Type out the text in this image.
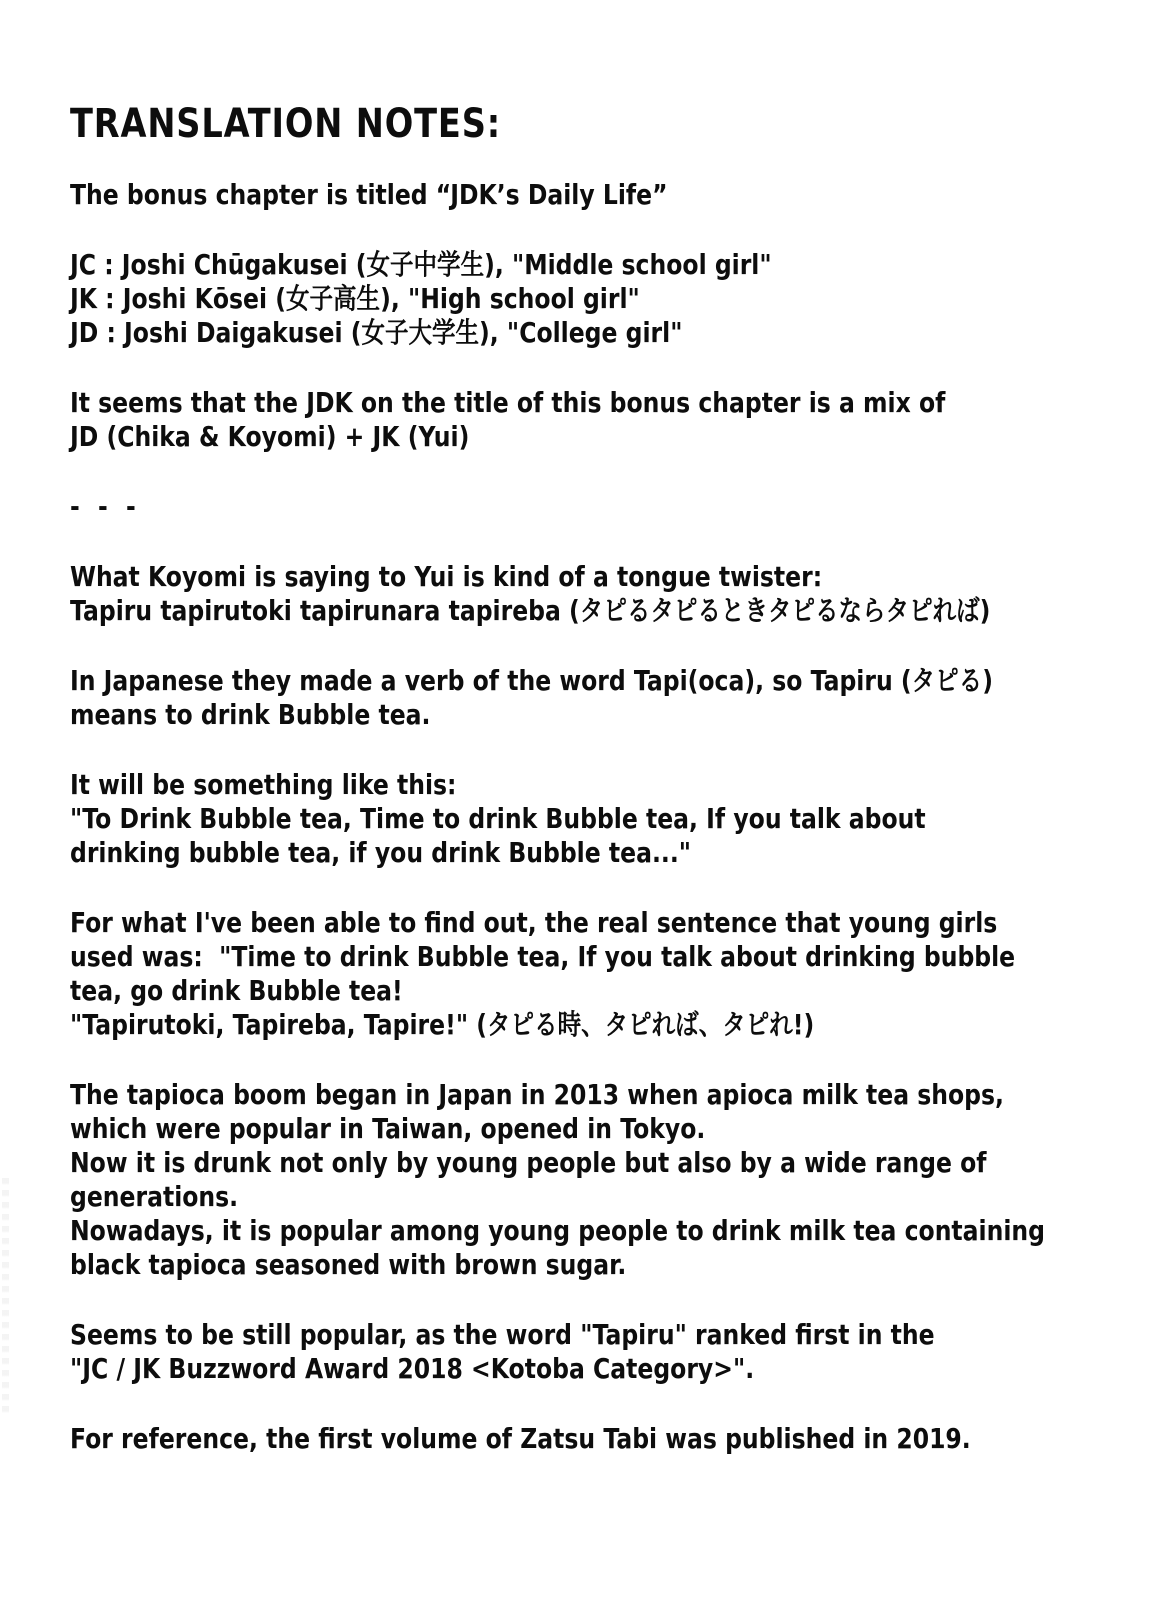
TRANSLATION NOTES:
The bonus chapter is titled “JDK’s Daily Life”
JC : Joshi Chūgakusei (女子中学生), "Middle school girl"
JK : Joshi Kōsei (女子高生), "High school girl"
JD : Joshi Daigakusei (女子大学生), "College girl"
It seems that the JDK on the title of this bonus chapter is a mix of
JD (Chika & Koyomi) + JK (Yui)
- - -
What Koyomi is saying to Yui is kind of a tongue twister:
Tapiru tapirutoki tapirunara tapireba (タピるタピるときタピるならタピれば)
In Japanese they made a verb of the word Tapi(oca), so Tapiru (タピる)
means to drink Bubble tea.
It will be something like this:
"To Drink Bubble tea, Time to drink Bubble tea, If you talk about
drinking bubble tea, if you drink Bubble tea..."
For what I've been able to find out, the real sentence that young girls
used was:  "Time to drink Bubble tea, If you talk about drinking bubble
tea, go drink Bubble tea!
"Tapirutoki, Tapireba, Tapire!" (タピる時、タピれば、タピれ!)
The tapioca boom began in Japan in 2013 when apioca milk tea shops,
which were popular in Taiwan, opened in Tokyo.
Now it is drunk not only by young people but also by a wide range of
generations.
Nowadays, it is popular among young people to drink milk tea containing
black tapioca seasoned with brown sugar.
Seems to be still popular, as the word "Tapiru" ranked first in the
"JC / JK Buzzword Award 2018 <Kotoba Category>".
For reference, the first volume of Zatsu Tabi was published in 2019.
